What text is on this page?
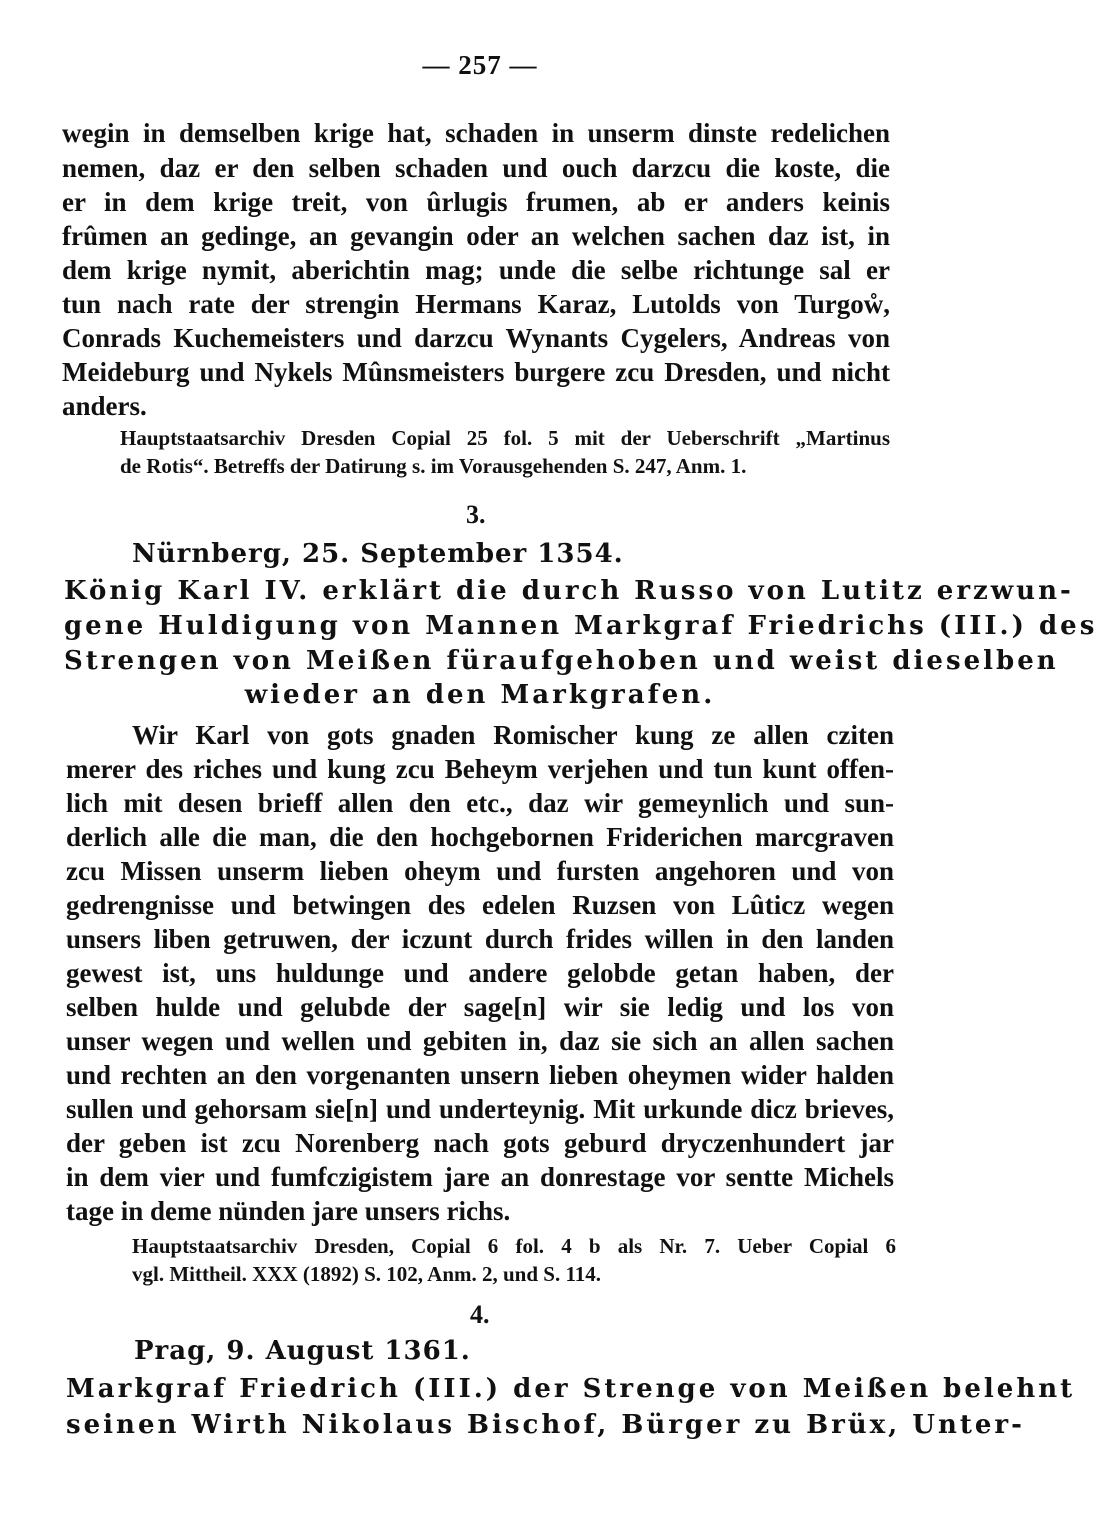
— 257 —
wegin in demselben krige hat, schaden in unserm dinste redelichen
nemen, daz er den selben schaden und ouch darzcu die koste, die
er in dem krige treit, von ûrlugis frumen, ab er anders keinis
frûmen an gedinge, an gevangin oder an welchen sachen daz ist, in
dem krige nymit, aberichtin mag; unde die selbe richtunge sal er
tun nach rate der strengin Hermans Karaz, Lutolds von Turgoẘ,
Conrads Kuchemeisters und darzcu Wynants Cygelers, Andreas von
Meideburg und Nykels Mûnsmeisters burgere zcu Dresden, und nicht
anders.
Hauptstaatsarchiv Dresden Copial 25 fol. 5 mit der Ueberschrift „Martinus
de Rotis“. Betreffs der Datirung s. im Vorausgehenden S. 247, Anm. 1.
3.
Nürnberg, 25. September 1354.
König Karl IV. erklärt die durch Russo von Lutitz erzwun-
gene Huldigung von Mannen Markgraf Friedrichs (III.) des
Strengen von Meißen füraufgehoben und weist dieselben
wieder an den Markgrafen.
Wir Karl von gots gnaden Romischer kung ze allen cziten
merer des riches und kung zcu Beheym verjehen und tun kunt offen-
lich mit desen brieff allen den etc., daz wir gemeynlich und sun-
derlich alle die man, die den hochgebornen Friderichen marcgraven
zcu Missen unserm lieben oheym und fursten angehoren und von
gedrengnisse und betwingen des edelen Ruzsen von Lûticz wegen
unsers liben getruwen, der iczunt durch frides willen in den landen
gewest ist, uns huldunge und andere gelobde getan haben, der
selben hulde und gelubde der sage[n] wir sie ledig und los von
unser wegen und wellen und gebiten in, daz sie sich an allen sachen
und rechten an den vorgenanten unsern lieben oheymen wider halden
sullen und gehorsam sie[n] und underteynig. Mit urkunde dicz brieves,
der geben ist zcu Norenberg nach gots geburd dryczenhundert jar
in dem vier und fumfczigistem jare an donrestage vor sentte Michels
tage in deme nünden jare unsers richs.
Hauptstaatsarchiv Dresden, Copial 6 fol. 4 b als Nr. 7. Ueber Copial 6
vgl. Mittheil. XXX (1892) S. 102, Anm. 2, und S. 114.
4.
Prag, 9. August 1361.
Markgraf Friedrich (III.) der Strenge von Meißen belehnt
seinen Wirth Nikolaus Bischof, Bürger zu Brüx, Unter-
